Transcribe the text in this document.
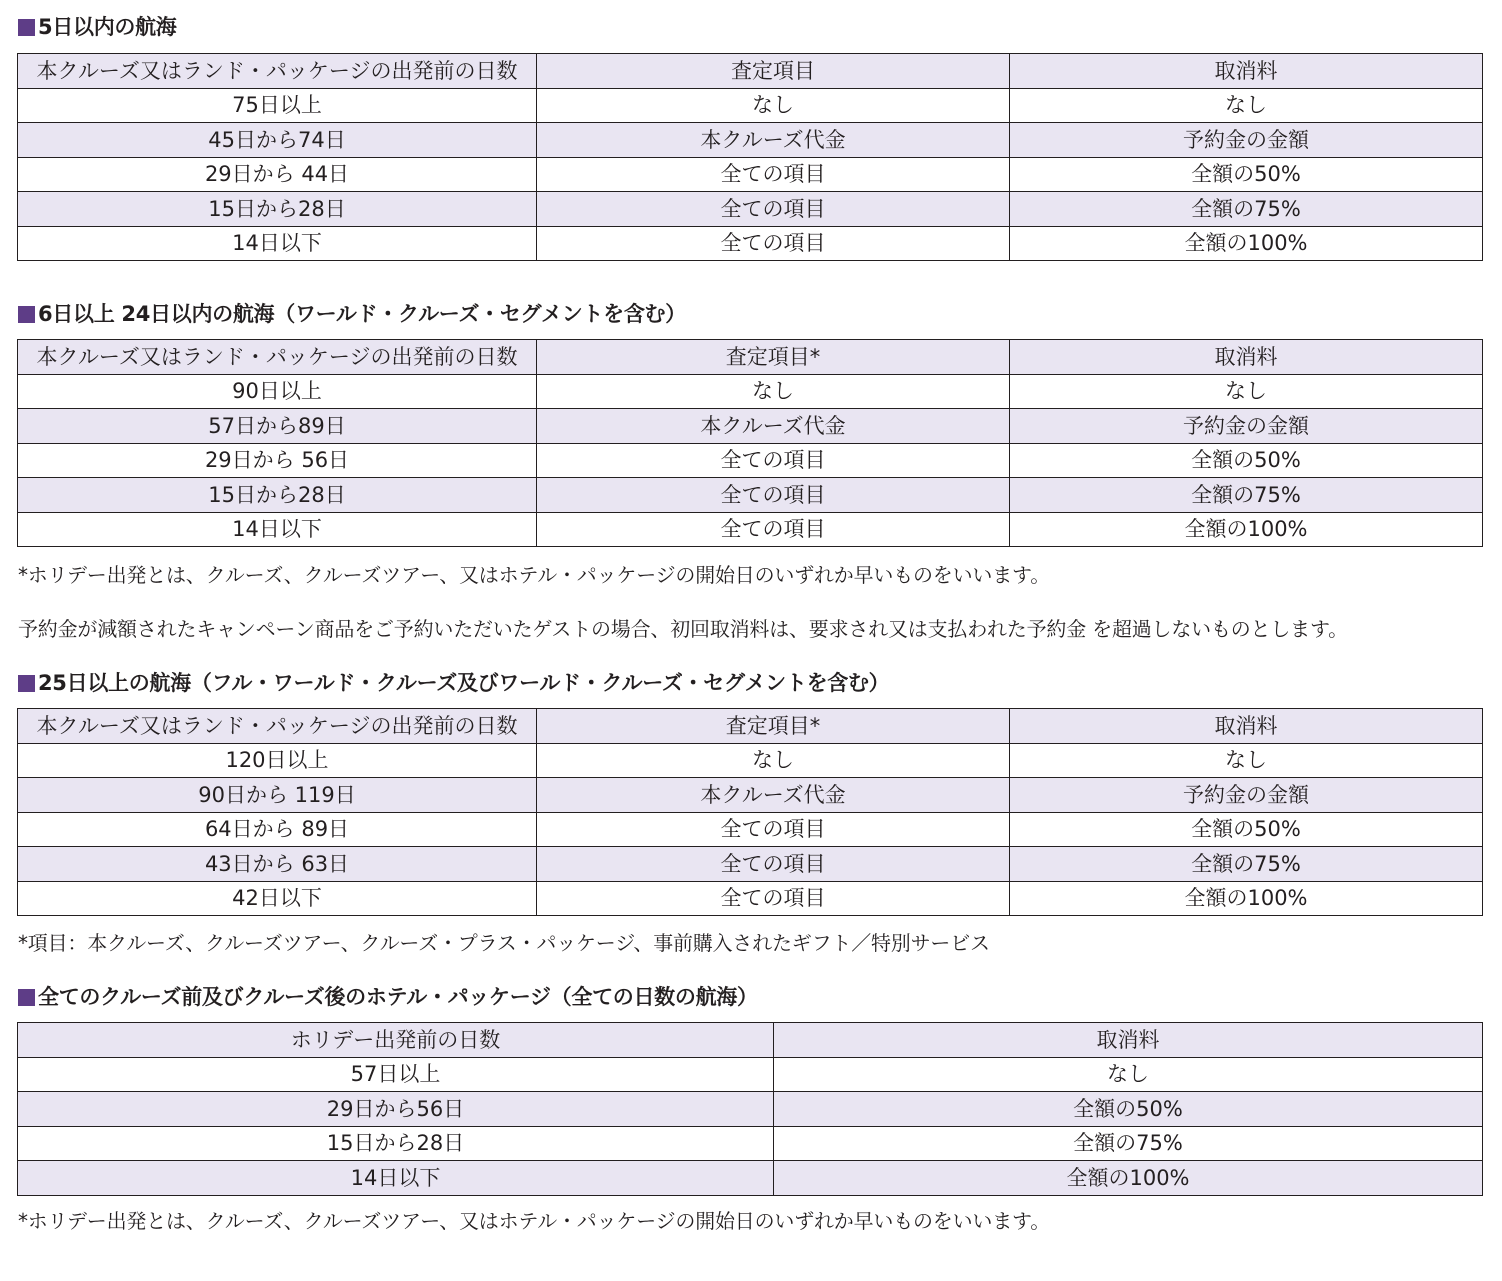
5日以内の航海
本クルーズ又はランド・パッケージの出発前の日数	査定項目	取消料
75日以上	なし	なし
45日から74日	本クルーズ代金	予約金の金額
29日から 44日	全ての項目	全額の50%
15日から28日	全ての項目	全額の75%
14日以下	全ての項目	全額の100%
6日以上 24日以内の航海（ワールド・クルーズ・セグメントを含む）
本クルーズ又はランド・パッケージの出発前の日数	査定項目*	取消料
90日以上	なし	なし
57日から89日	本クルーズ代金	予約金の金額
29日から 56日	全ての項目	全額の50%
15日から28日	全ての項目	全額の75%
14日以下	全ての項目	全額の100%
*ホリデー出発とは、クルーズ、クルーズツアー、又はホテル・パッケージの開始日のいずれか早いものをいいます。
予約金が減額されたキャンペーン商品をご予約いただいたゲストの場合、初回取消料は、要求され又は支払われた予約金 を超過しないものとします。
25日以上の航海（フル・ワールド・クルーズ及びワールド・クルーズ・セグメントを含む）
本クルーズ又はランド・パッケージの出発前の日数	査定項目*	取消料
120日以上	なし	なし
90日から 119日	本クルーズ代金	予約金の金額
64日から 89日	全ての項目	全額の50%
43日から 63日	全ての項目	全額の75%
42日以下	全ての項目	全額の100%
*項目：本クルーズ、クルーズツアー、クルーズ・プラス・パッケージ、事前購入されたギフト／特別サービス
全てのクルーズ前及びクルーズ後のホテル・パッケージ（全ての日数の航海）
ホリデー出発前の日数	取消料
57日以上	なし
29日から56日	全額の50%
15日から28日	全額の75%
14日以下	全額の100%
*ホリデー出発とは、クルーズ、クルーズツアー、又はホテル・パッケージの開始日のいずれか早いものをいいます。
